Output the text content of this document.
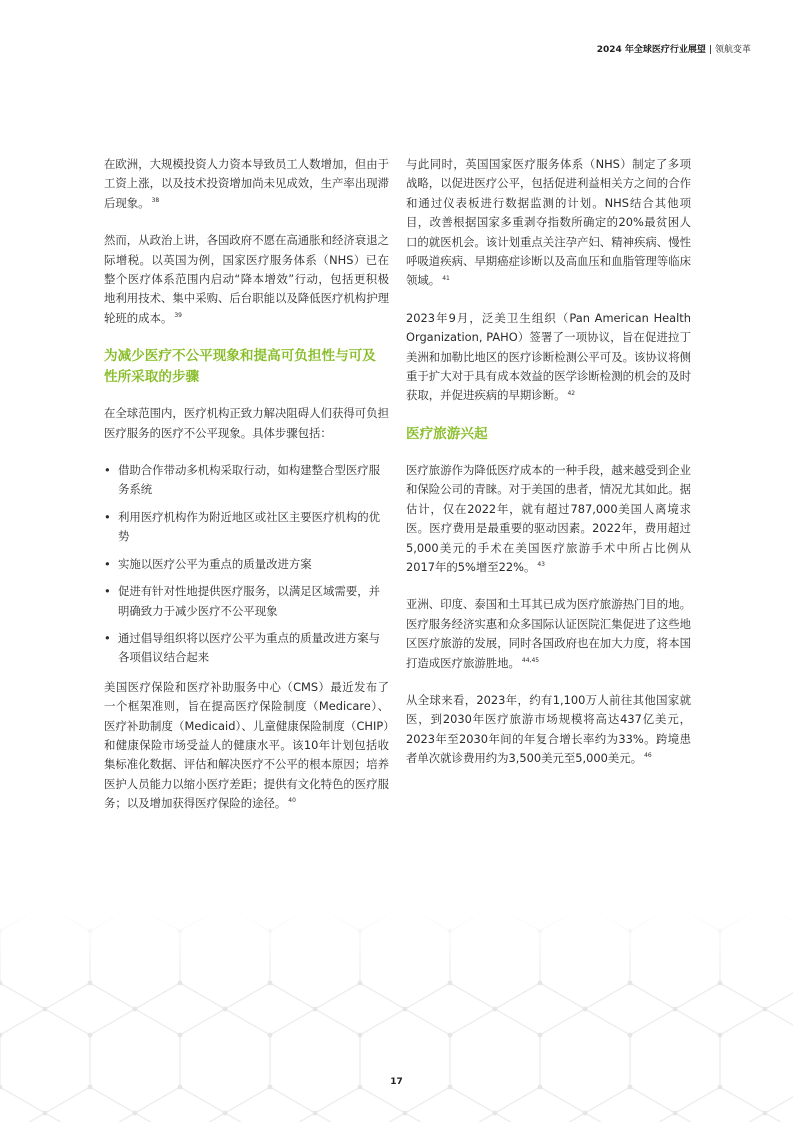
2024 年全球医疗行业展望 | 领航变革

在欧洲，大规模投资人力资本导致员工人数增加，但由于工资上涨，以及技术投资增加尚未见成效，生产率出现滞后现象。 $^{38}$

然而，从政治上讲，各国政府不愿在高通胀和经济衰退之际增税。以英国为例，国家医疗服务体系（NHS）已在整个医疗体系范围内启动“降本增效”行动，包括更积极地利用技术、集中采购、后台职能以及降低医疗机构护理轮班的成本。 $^{39}$

为减少医疗不公平现象和提高可负担性与可及性所采取的步骤

在全球范围内，医疗机构正致力解决阻碍人们获得可负担医疗服务的医疗不公平现象。具体步骤包括：

• 借助合作带动多机构采取行动，如构建整合型医疗服务系统
• 利用医疗机构作为附近地区或社区主要医疗机构的优势
• 实施以医疗公平为重点的质量改进方案
• 促进有针对性地提供医疗服务，以满足区域需要，并明确致力于减少医疗不公平现象
• 通过倡导组织将以医疗公平为重点的质量改进方案与各项倡议结合起来

美国医疗保险和医疗补助服务中心（CMS）最近发布了一个框架准则，旨在提高医疗保险制度（Medicare）、医疗补助制度（Medicaid）、儿童健康保险制度（CHIP）和健康保险市场受益人的健康水平。该10年计划包括收集标准化数据、评估和解决医疗不公平的根本原因；培养医护人员能力以缩小医疗差距；提供有文化特色的医疗服务；以及增加获得医疗保险的途径。 $^{40}$

与此同时，英国国家医疗服务体系（NHS）制定了多项战略，以促进医疗公平，包括促进利益相关方之间的合作和通过仪表板进行数据监测的计划。NHS结合其他项目，改善根据国家多重剥夺指数所确定的20%最贫困人口的就医机会。该计划重点关注孕产妇、精神疾病、慢性呼吸道疾病、早期癌症诊断以及高血压和血脂管理等临床领域。 $^{41}$

2023年9月，泛美卫生组织（Pan American Health Organization, PAHO）签署了一项协议，旨在促进拉丁美洲和加勒比地区的医疗诊断检测公平可及。该协议将侧重于扩大对于具有成本效益的医学诊断检测的机会的及时获取，并促进疾病的早期诊断。 $^{42}$

医疗旅游兴起

医疗旅游作为降低医疗成本的一种手段，越来越受到企业和保险公司的青睐。对于美国的患者，情况尤其如此。据估计，仅在2022年，就有超过787,000美国人离境求医。医疗费用是最重要的驱动因素。2022年，费用超过5,000美元的手术在美国医疗旅游手术中所占比例从2017年的5%增至22%。 $^{43}$

亚洲、印度、泰国和土耳其已成为医疗旅游热门目的地。医疗服务经济实惠和众多国际认证医院汇集促进了这些地区医疗旅游的发展，同时各国政府也在加大力度，将本国打造成医疗旅游胜地。 $^{44,45}$

从全球来看，2023年，约有1,100万人前往其他国家就医，到2030年医疗旅游市场规模将高达437亿美元，2023年至2030年间的年复合增长率约为33%。跨境患者单次就诊费用约为3,500美元至5,000美元。 $^{46}$

17
